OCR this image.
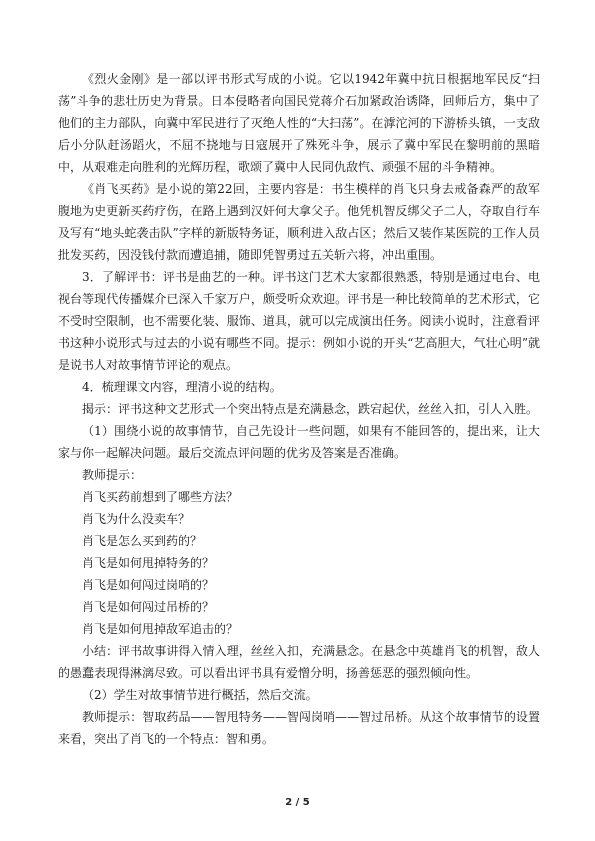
《烈火金刚》是一部以评书形式写成的小说。它以1942年冀中抗日根据地军民反“扫荡”斗争的悲壮历史为背景。日本侵略者向国民党蒋介石加紧政治诱降，回师后方，集中了他们的主力部队，向冀中军民进行了灭绝人性的“大扫荡”。在滹沱河的下游桥头镇，一支敌后小分队赶汤蹈火，不屈不挠地与日寇展开了殊死斗争，展示了冀中军民在黎明前的黑暗中，从艰难走向胜利的光辉历程，歌颂了冀中人民同仇敌忾、顽强不屈的斗争精神。

《肖飞买药》是小说的第22回，主要内容是：书生模样的肖飞只身去戒备森严的敌军腹地为史更新买药疗伤，在路上遇到汉奸何大拿父子。他凭机智反绑父子二人，夺取自行车及写有“地头蛇袭击队”字样的新版特务证，顺利进入敌占区；然后又装作某医院的工作人员批发买药，因没钱付款而遭追捕，随即凭智勇过五关斩六将，冲出重围。

3．了解评书：评书是曲艺的一种。评书这门艺术大家都很熟悉，特别是通过电台、电视台等现代传播媒介已深入千家万户，颇受听众欢迎。评书是一种比较简单的艺术形式，它不受时空限制，也不需要化装、服饰、道具，就可以完成演出任务。阅读小说时，注意看评书这种小说形式与过去的小说有哪些不同。提示：例如小说的开头“艺高胆大，气壮心明”就是说书人对故事情节评论的观点。

4．梳理课文内容，理清小说的结构。

揭示：评书这种文艺形式一个突出特点是充满悬念，跌宕起伏，丝丝入扣，引人入胜。

（1）围绕小说的故事情节，自己先设计一些问题，如果有不能回答的，提出来，让大家与你一起解决问题。最后交流点评问题的优劣及答案是否准确。

教师提示：

肖飞买药前想到了哪些方法？

肖飞为什么没卖车？

肖飞是怎么买到药的？

肖飞是如何甩掉特务的？

肖飞是如何闯过岗哨的？

肖飞是如何闯过吊桥的？

肖飞是如何甩掉敌军追击的？

小结：评书故事讲得入情入理，丝丝入扣，充满悬念。在悬念中英雄肖飞的机智，敌人的愚蠢表现得淋漓尽致。可以看出评书具有爱憎分明，扬善惩恶的强烈倾向性。

（2）学生对故事情节进行概括，然后交流。

教师提示：智取药品——智甩特务——智闯岗哨——智过吊桥。从这个故事情节的设置来看，突出了肖飞的一个特点：智和勇。

2 / 5
